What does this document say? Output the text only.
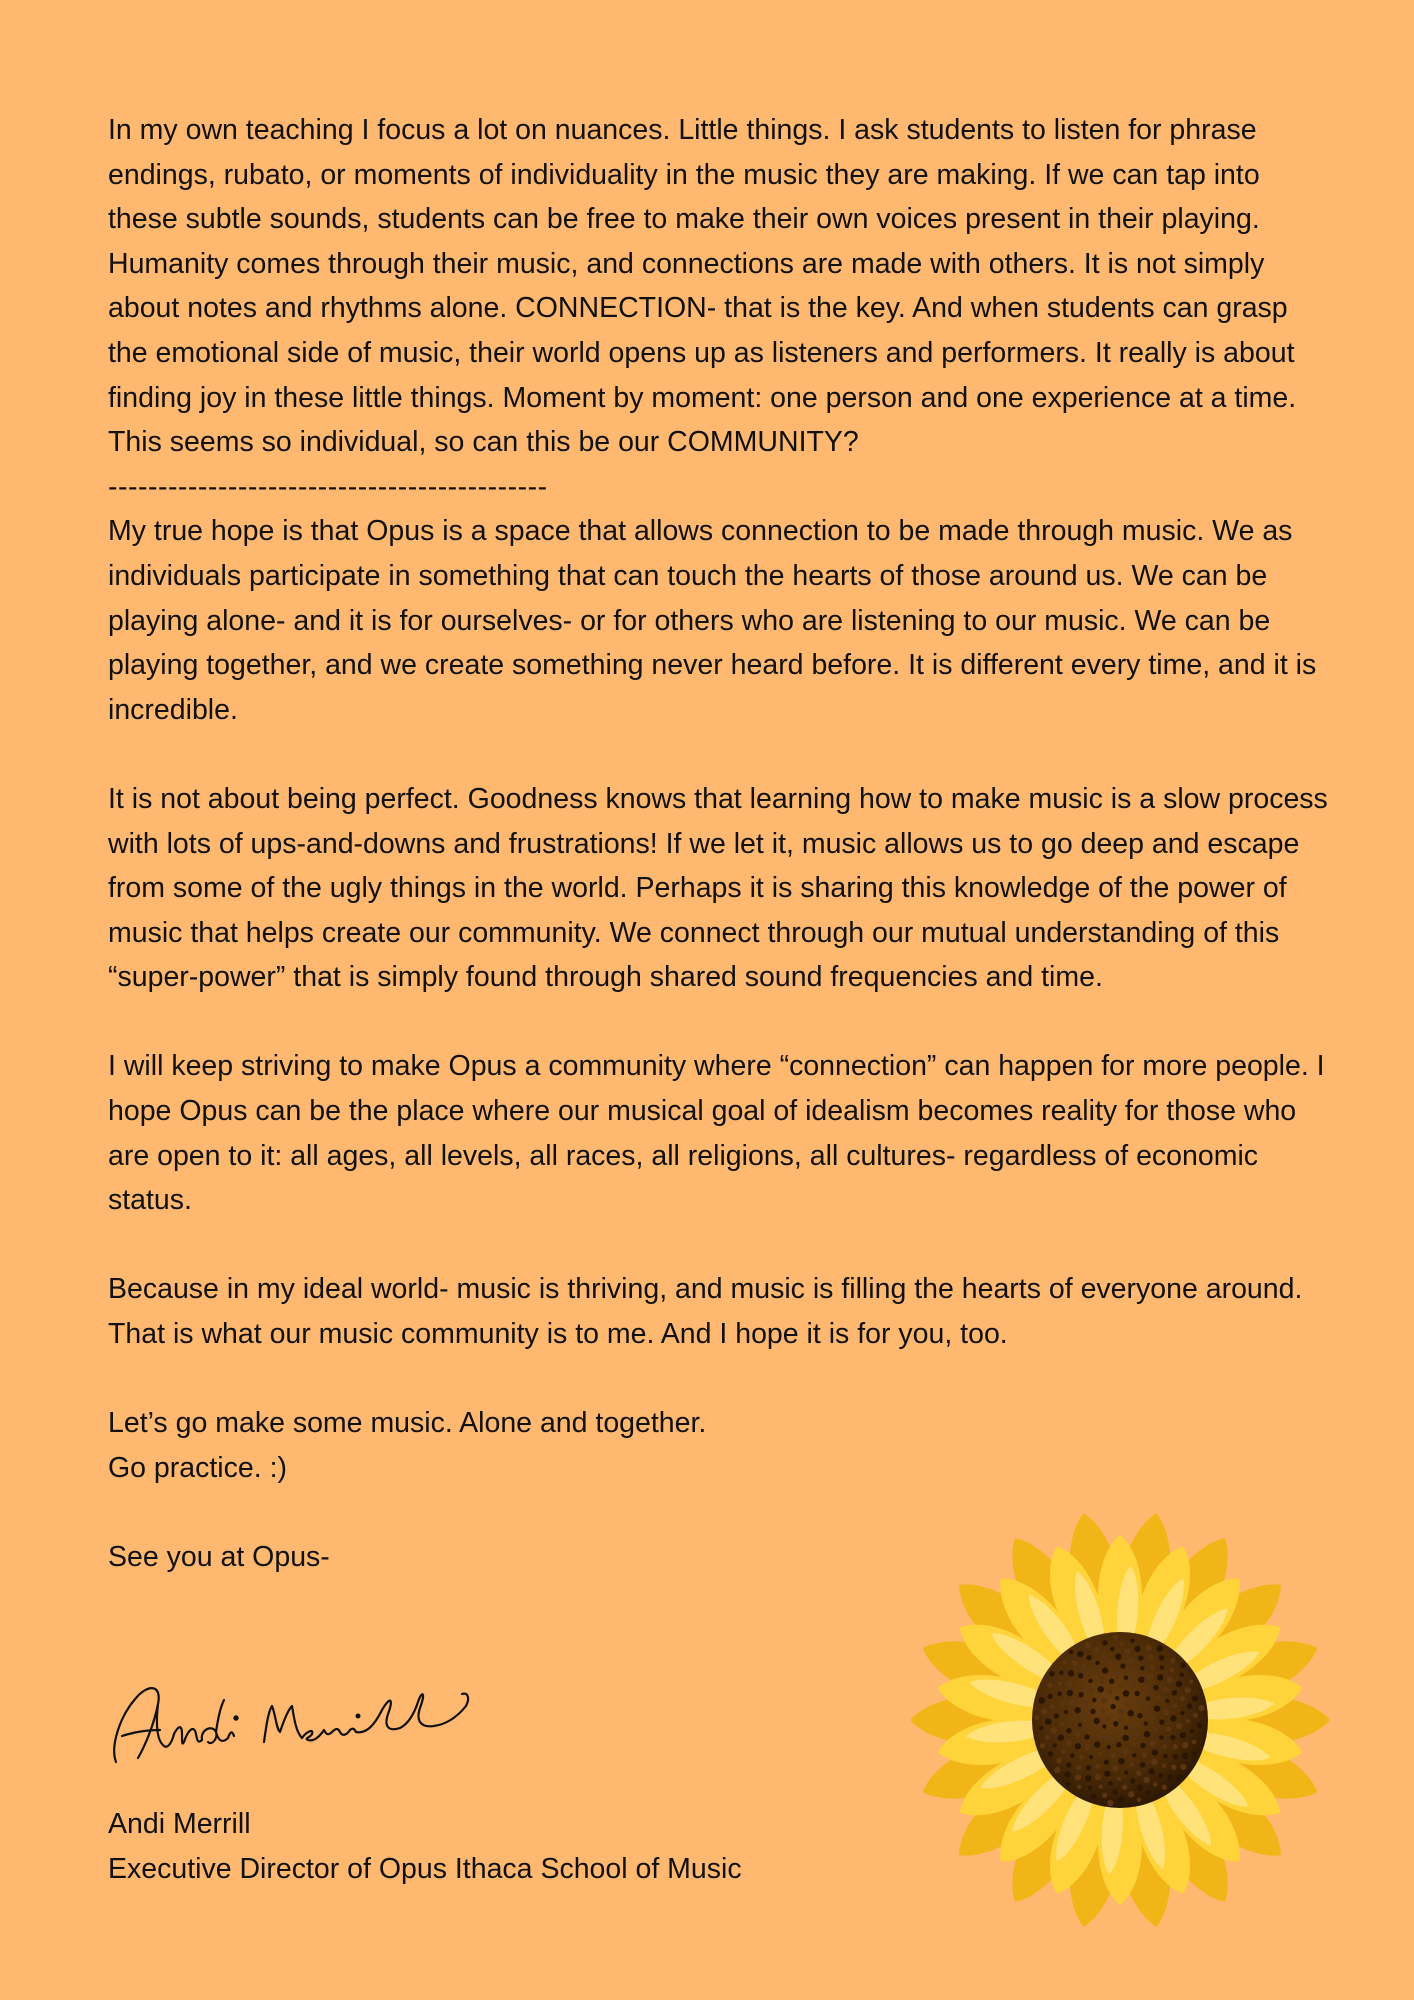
In my own teaching I focus a lot on nuances. Little things. I ask students to listen for phrase endings, rubato, or moments of individuality in the music they are making. If we can tap into these subtle sounds, students can be free to make their own voices present in their playing. Humanity comes through their music, and connections are made with others. It is not simply about notes and rhythms alone. CONNECTION- that is the key. And when students can grasp the emotional side of music, their world opens up as listeners and performers. It really is about finding joy in these little things. Moment by moment: one person and one experience at a time. This seems so individual, so can this be our COMMUNITY?

--------------------------------------------

My true hope is that Opus is a space that allows connection to be made through music. We as individuals participate in something that can touch the hearts of those around us. We can be playing alone- and it is for ourselves- or for others who are listening to our music. We can be playing together, and we create something never heard before. It is different every time, and it is incredible.

It is not about being perfect. Goodness knows that learning how to make music is a slow process with lots of ups-and-downs and frustrations! If we let it, music allows us to go deep and escape from some of the ugly things in the world. Perhaps it is sharing this knowledge of the power of music that helps create our community. We connect through our mutual understanding of this “super-power” that is simply found through shared sound frequencies and time.

I will keep striving to make Opus a community where “connection” can happen for more people. I hope Opus can be the place where our musical goal of idealism becomes reality for those who are open to it: all ages, all levels, all races, all religions, all cultures- regardless of economic status.

Because in my ideal world- music is thriving, and music is filling the hearts of everyone around. That is what our music community is to me. And I hope it is for you, too.

Let’s go make some music. Alone and together.

Go practice. :)

See you at Opus-

Andi Merrill
Executive Director of Opus Ithaca School of Music
